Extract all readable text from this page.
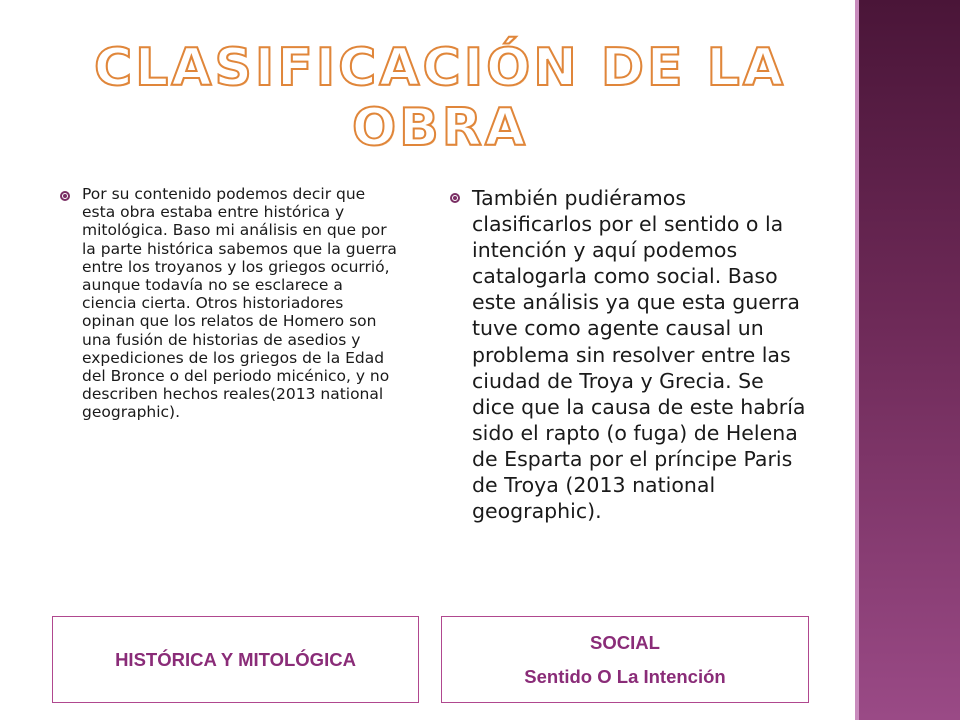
CLASIFICACIÓN DE LA OBRA

Por su contenido podemos decir que esta obra estaba entre histórica y mitológica. Baso mi análisis en que por la parte histórica sabemos que la guerra entre los troyanos y los griegos ocurrió, aunque todavía no se esclarece a ciencia cierta. Otros historiadores opinan que los relatos de Homero son una fusión de historias de asedios y expediciones de los griegos de la Edad del Bronce o del periodo micénico, y no describen hechos reales(2013 national geographic).

También pudiéramos clasificarlos por el sentido o la intención y aquí podemos catalogarla como social. Baso este análisis ya que esta guerra tuve como agente causal un problema sin resolver entre las ciudad de Troya y Grecia. Se dice que la causa de este habría sido el rapto (o fuga) de Helena de Esparta por el príncipe Paris de Troya (2013 national geographic).

HISTÓRICA Y MITOLÓGICA
SOCIAL
Sentido O La Intención
